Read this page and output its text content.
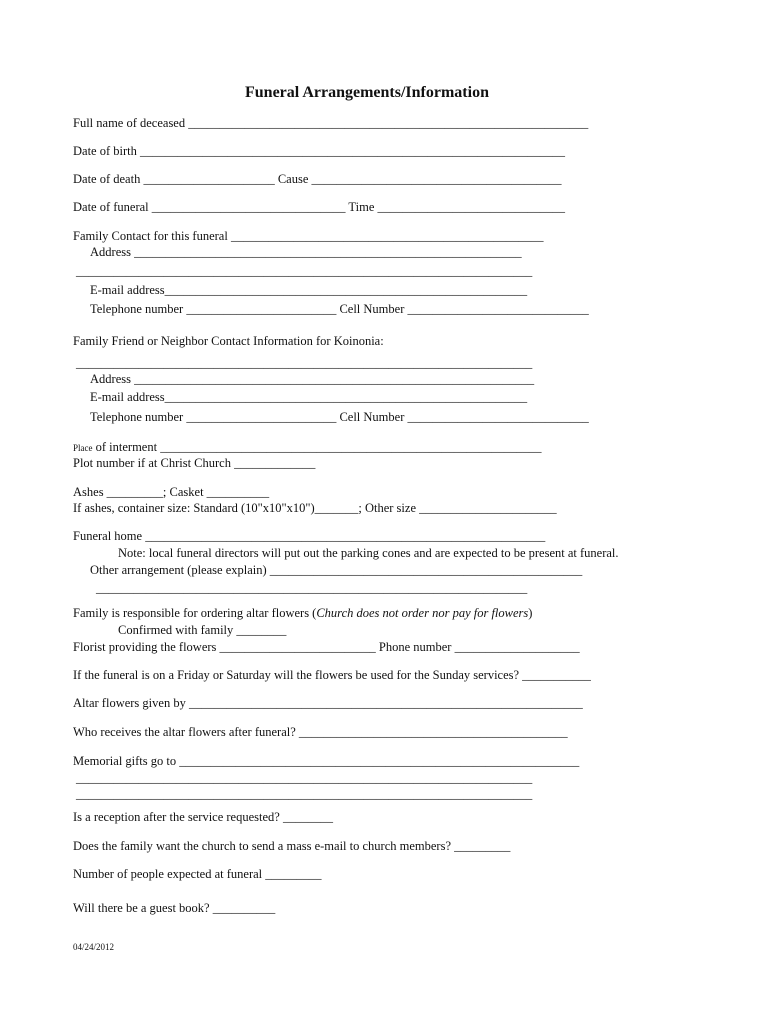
Funeral Arrangements/Information
Full name of deceased ________________________________________________________________
Date of birth ____________________________________________________________________
Date of death _____________________ Cause ________________________________________
Date of funeral _______________________________ Time ______________________________
Family Contact for this funeral __________________________________________________
Address ______________________________________________________________
_________________________________________________________________________
E-mail address__________________________________________________________
Telephone number ________________________ Cell Number _____________________________
Family Friend or Neighbor Contact Information for Koinonia:
_________________________________________________________________________
Address ________________________________________________________________
E-mail address__________________________________________________________
Telephone number ________________________ Cell Number _____________________________
Place of interment _____________________________________________________________
Plot number if at Christ Church _____________
Ashes _________; Casket __________
If ashes, container size: Standard (10"x10"x10")_______; Other size ______________________
Funeral home ________________________________________________________________
Note: local funeral directors will put out the parking cones and are expected to be present at funeral.
Other arrangement (please explain) __________________________________________________
_____________________________________________________________________
Family is responsible for ordering altar flowers (Church does not order nor pay for flowers)
Confirmed with family ________
Florist providing the flowers _________________________ Phone number ____________________
If the funeral is on a Friday or Saturday will the flowers be used for the Sunday services? ___________
Altar flowers given by _______________________________________________________________
Who receives the altar flowers after funeral? ___________________________________________
Memorial gifts go to ________________________________________________________________
_________________________________________________________________________
_________________________________________________________________________
Is a reception after the service requested? ________
Does the family want the church to send a mass e-mail to church members? _________
Number of people expected at funeral _________
Will there be a guest book? __________
04/24/2012
